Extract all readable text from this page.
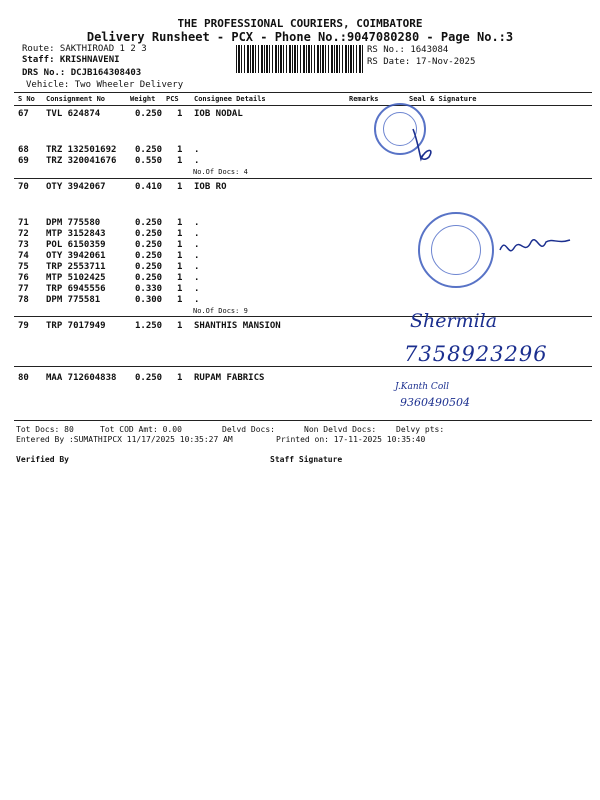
THE PROFESSIONAL COURIERS, COIMBATORE
Delivery Runsheet - PCX - Phone No.:9047080280 - Page No.:3
Route: SAKTHIROAD 1 2 3
Staff: KRISHNAVENI
DRS No.: DCJB164308403
Vehicle: Two Wheeler Delivery
RS No.: 1643084
RS Date: 17-Nov-2025
S No Consignment No	Weight PCS Consignee Details	Remarks	Seal & Signature
67 TVL 624874	0.250 1 IOB NODAL
68 TRZ 132501692 0.250 1 .
69 TRZ 320041676 0.550 1 .
No.Of Docs: 4
70 OTY 3942067	0.410 1 IOB RO
71 DPM 775580	0.250 1 .
72 MTP 3152843	0.250 1 .
73 POL 6150359	0.250 1 .
74 OTY 3942061	0.250 1 .
75 TRP 2553711	0.250 1 .
76 MTP 5102425	0.250 1 .
77 TRP 6945556	0.330 1 .
78 DPM 775581	0.300 1 .
No.Of Docs: 9
79 TRP 7017949	1.250 1 SHANTHIS MANSION
80 MAA 712604838 0.250 1 RUPAM FABRICS
Shermila
7358923296
J.Kanth Coll
9360490504
Tot Docs: 80	Tot COD Amt: 0.00	Delvd Docs:	Non Delvd Docs: Delvy pts:
Entered By :SUMATHIPCX 11/17/2025 10:35:27 AM	Printed on: 17-11-2025 10:35:40
Verified By	Staff Signature
